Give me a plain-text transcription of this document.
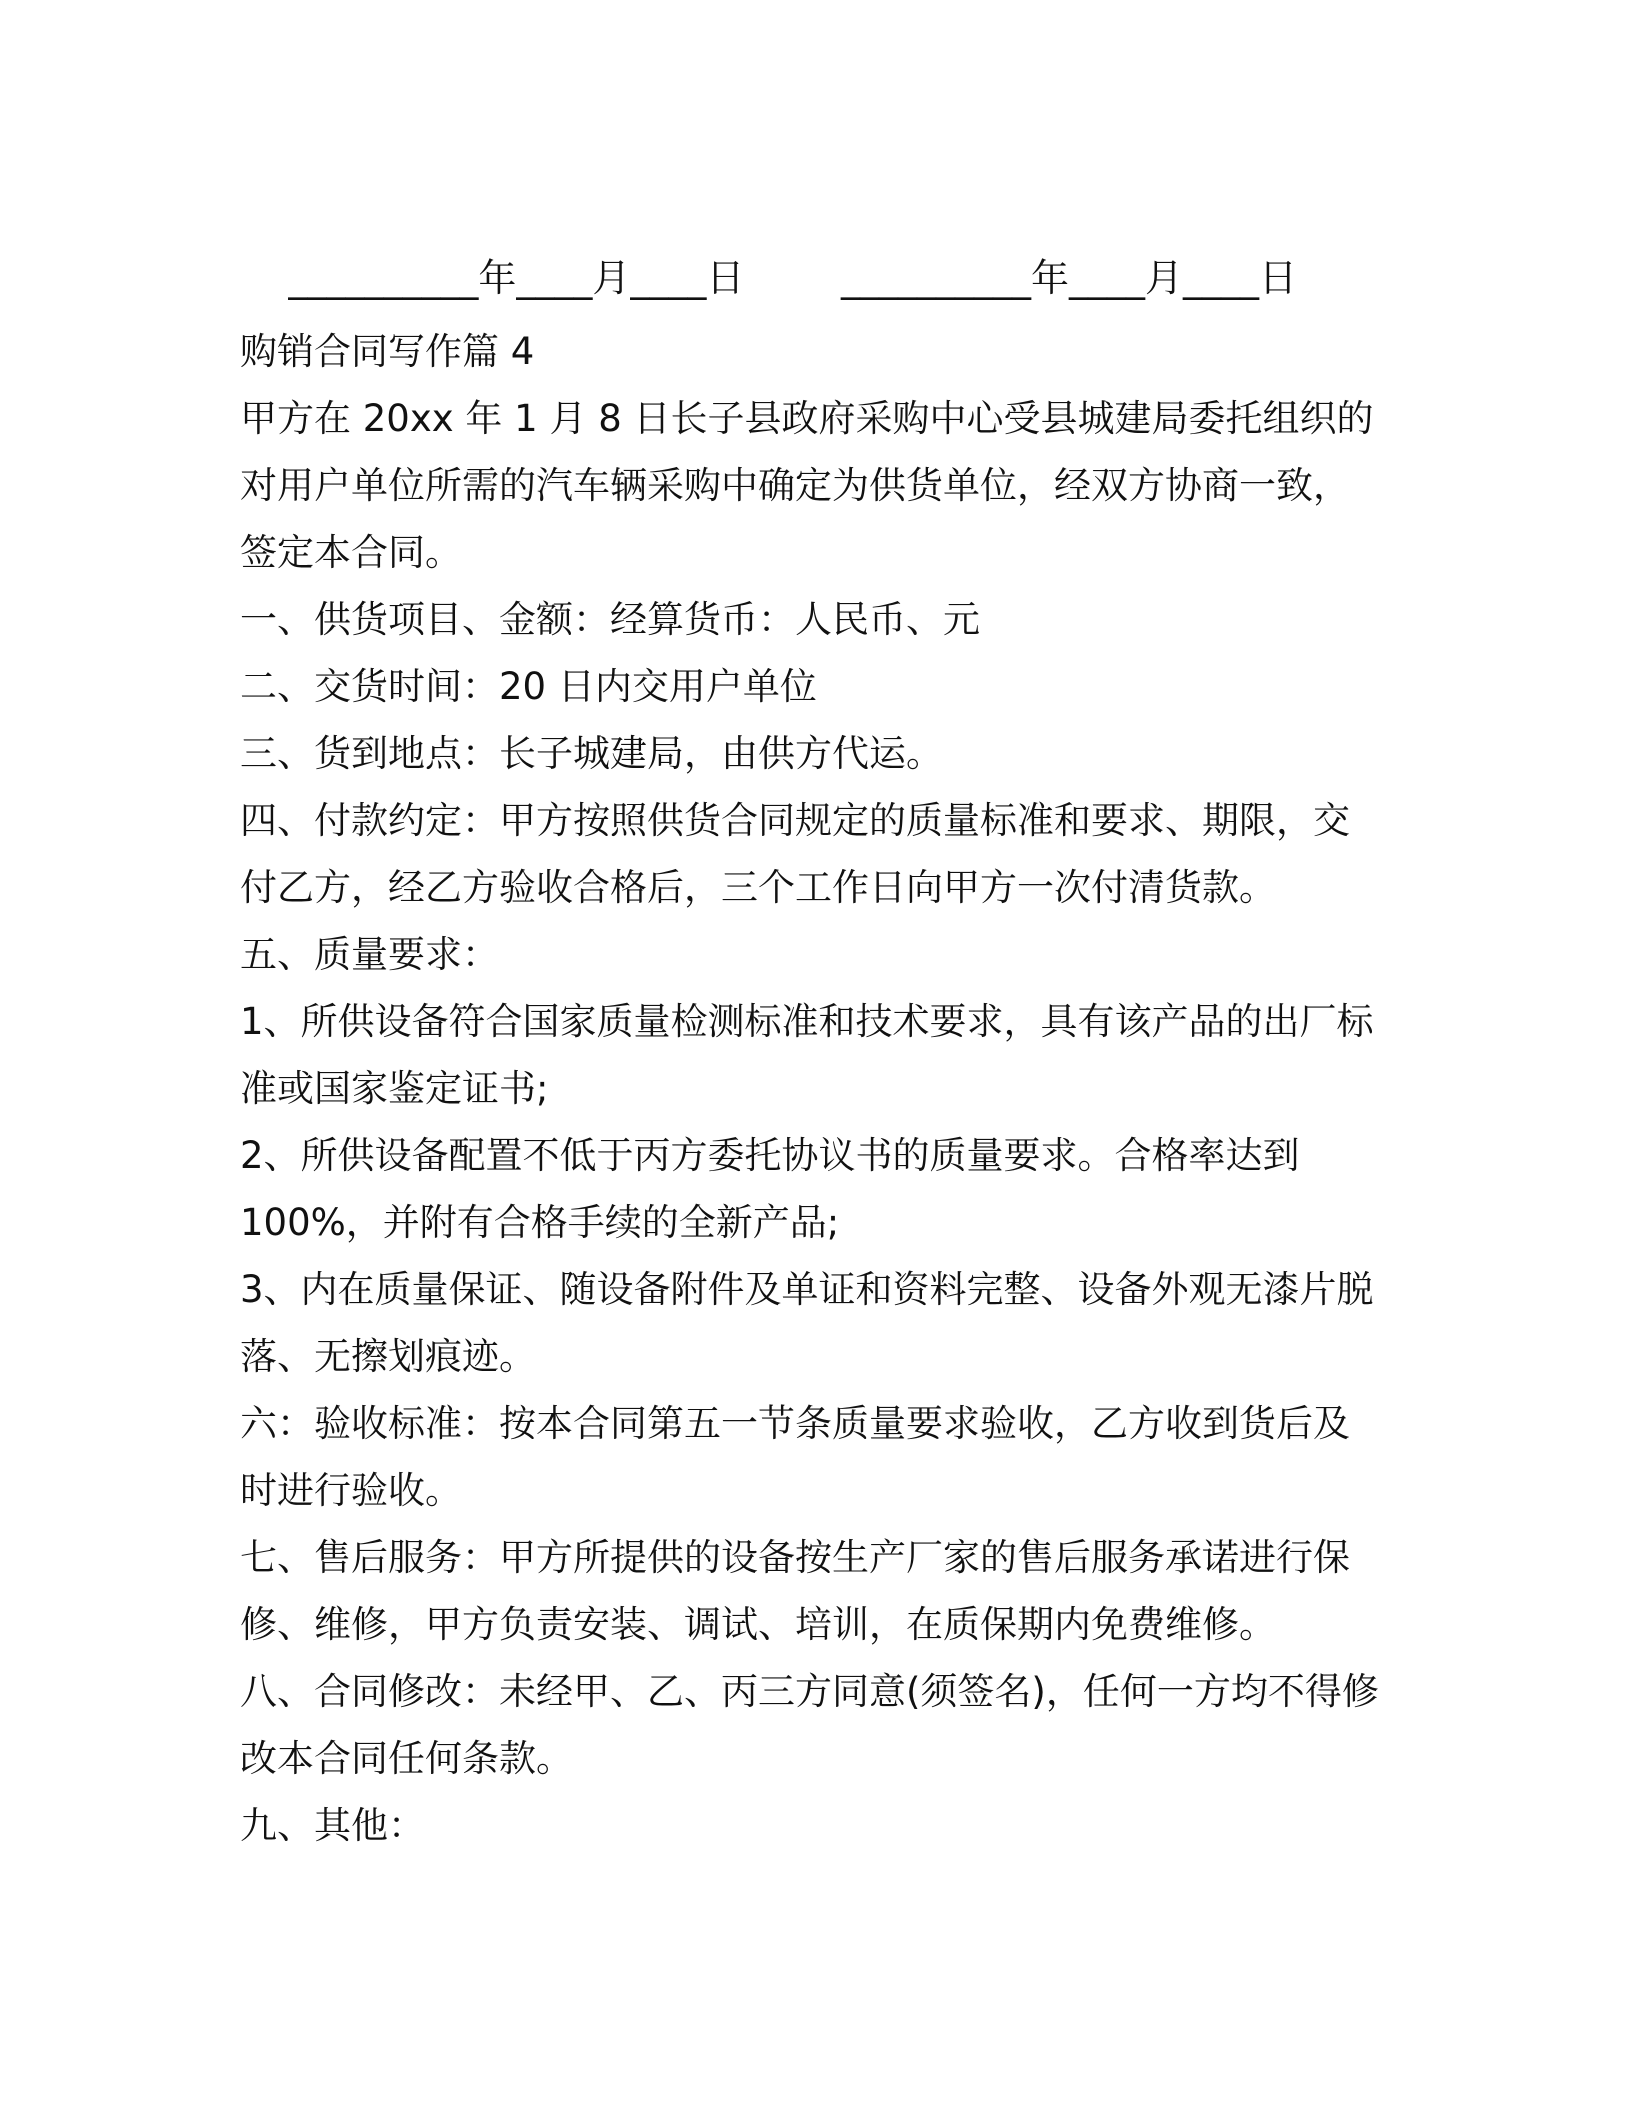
__________年____月____日	__________年____月____日

购销合同写作篇 4
甲方在 20xx 年 1 月 8 日长子县政府采购中心受县城建局委托组织的
对用户单位所需的汽车辆采购中确定为供货单位，经双方协商一致，
签定本合同。
一、供货项目、金额：经算货币：人民币、元
二、交货时间：20 日内交用户单位
三、货到地点：长子城建局，由供方代运。
四、付款约定：甲方按照供货合同规定的质量标准和要求、期限，交
付乙方，经乙方验收合格后，三个工作日向甲方一次付清货款。
五、质量要求：
1、所供设备符合国家质量检测标准和技术要求，具有该产品的出厂标
准或国家鉴定证书;
2、所供设备配置不低于丙方委托协议书的质量要求。合格率达到
100%，并附有合格手续的全新产品;
3、内在质量保证、随设备附件及单证和资料完整、设备外观无漆片脱
落、无擦划痕迹。
六：验收标准：按本合同第五一节条质量要求验收，乙方收到货后及
时进行验收。
七、售后服务：甲方所提供的设备按生产厂家的售后服务承诺进行保
修、维修，甲方负责安装、调试、培训，在质保期内免费维修。
八、合同修改：未经甲、乙、丙三方同意(须签名)，任何一方均不得修
改本合同任何条款。
九、其他：
